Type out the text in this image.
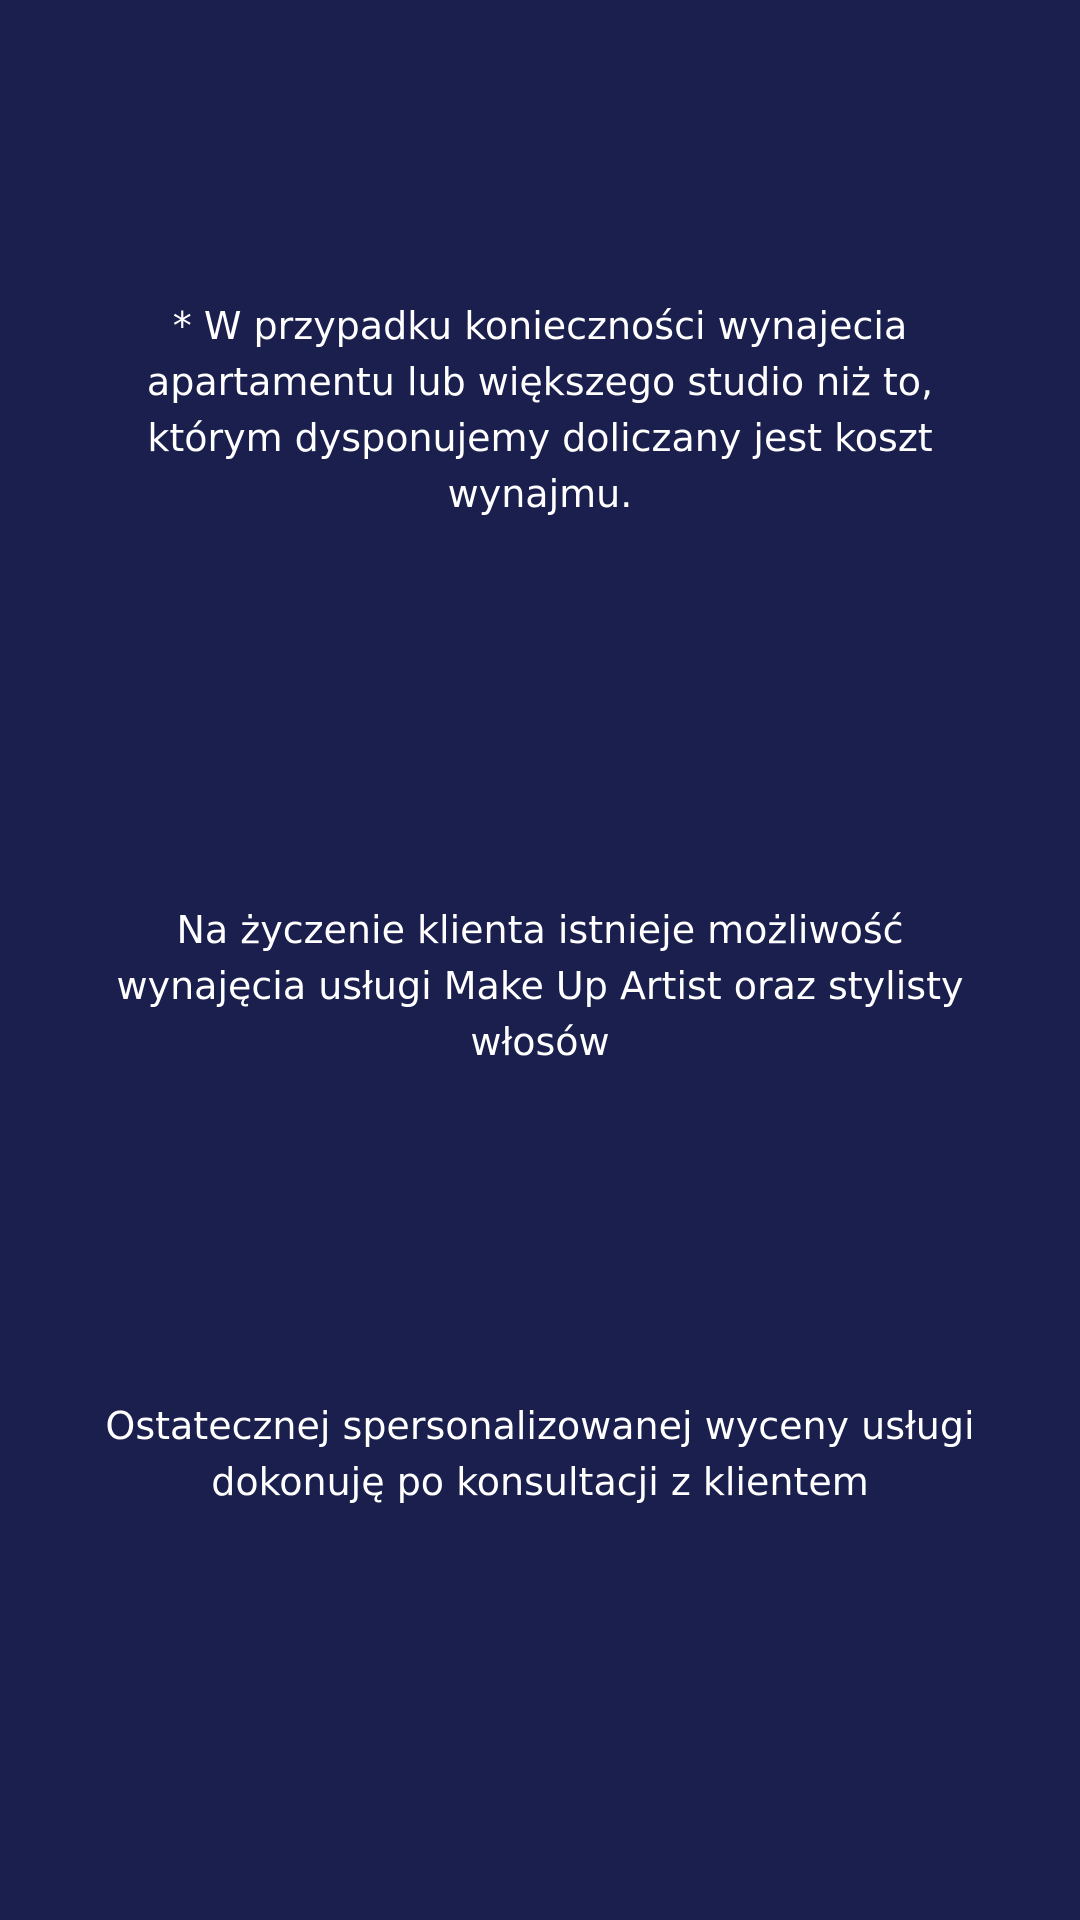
* W przypadku konieczności wynajecia

apartamentu lub większego studio niż to,

którym dysponujemy doliczany jest koszt

wynajmu.

Na życzenie klienta istnieje możliwość

wynajęcia usługi Make Up Artist oraz stylisty

włosów

Ostatecznej spersonalizowanej wyceny usługi

dokonuję po konsultacji z klientem
